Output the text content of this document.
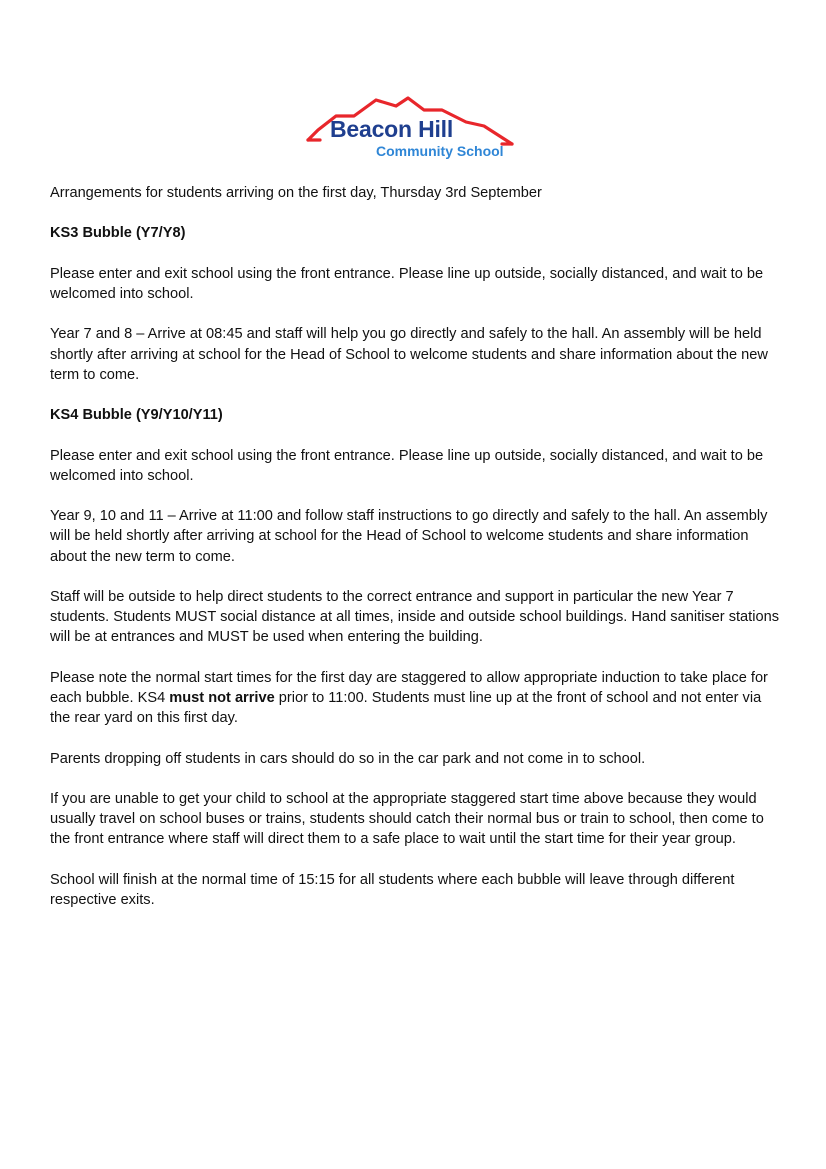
Beacon Hill
Community School

Arrangements for students arriving on the first day, Thursday 3rd September

KS3 Bubble (Y7/Y8)

Please enter and exit school using the front entrance. Please line up outside, socially distanced, and wait to be welcomed into school.

Year 7 and 8 – Arrive at 08:45 and staff will help you go directly and safely to the hall. An assembly will be held shortly after arriving at school for the Head of School to welcome students and share information about the new term to come.

KS4 Bubble (Y9/Y10/Y11)

Please enter and exit school using the front entrance. Please line up outside, socially distanced, and wait to be welcomed into school.

Year 9, 10 and 11 – Arrive at 11:00 and follow staff instructions to go directly and safely to the hall. An assembly will be held shortly after arriving at school for the Head of School to welcome students and share information about the new term to come.

Staff will be outside to help direct students to the correct entrance and support in particular the new Year 7 students. Students MUST social distance at all times, inside and outside school buildings. Hand sanitiser stations will be at entrances and MUST be used when entering the building.

Please note the normal start times for the first day are staggered to allow appropriate induction to take place for each bubble. KS4 must not arrive prior to 11:00. Students must line up at the front of school and not enter via the rear yard on this first day.

Parents dropping off students in cars should do so in the car park and not come in to school.

If you are unable to get your child to school at the appropriate staggered start time above because they would usually travel on school buses or trains, students should catch their normal bus or train to school, then come to the front entrance where staff will direct them to a safe place to wait until the start time for their year group.

School will finish at the normal time of 15:15 for all students where each bubble will leave through different respective exits.
